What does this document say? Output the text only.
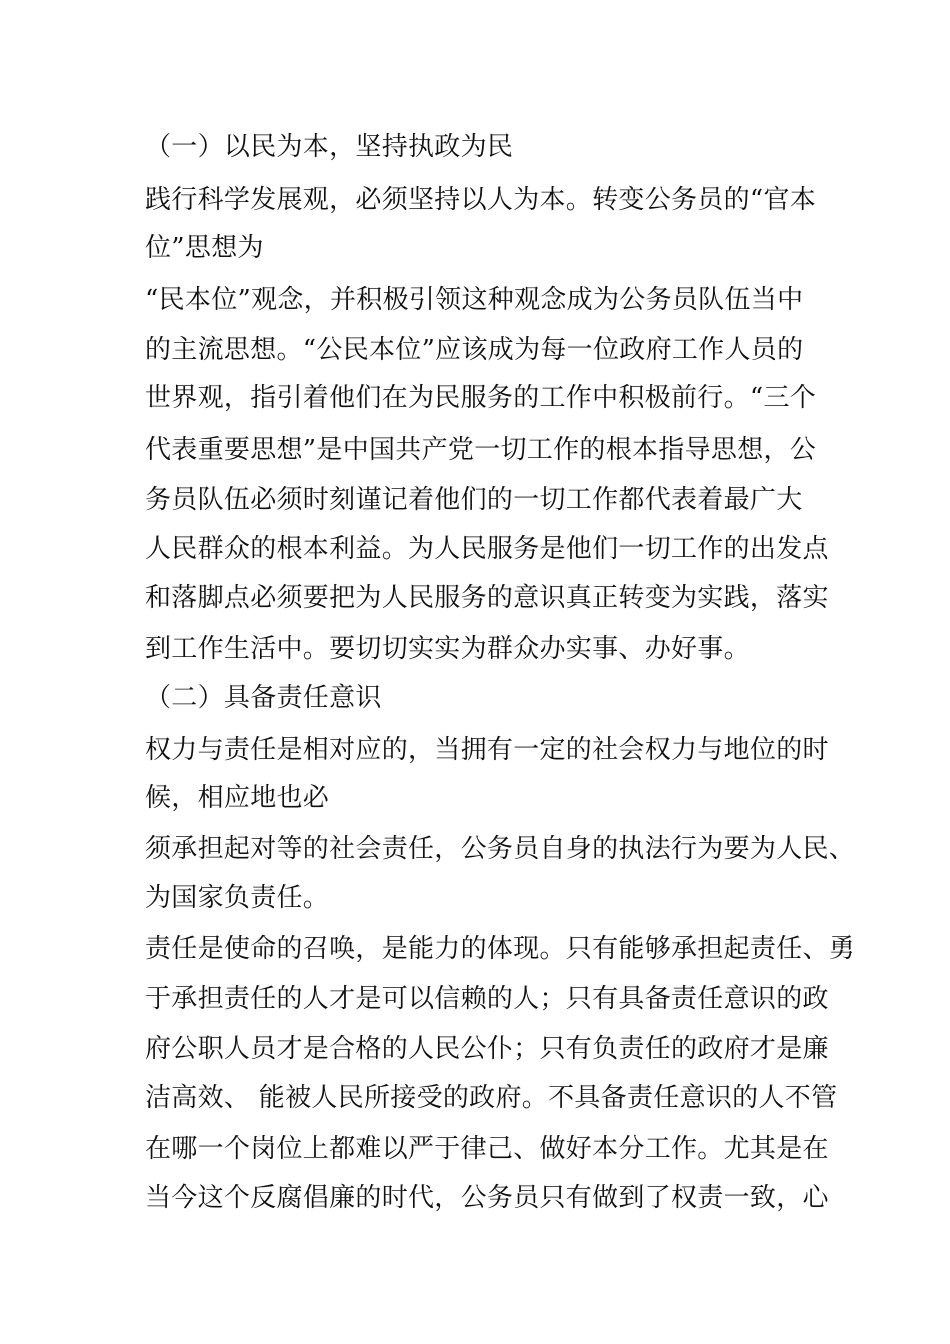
（一）以民为本，坚持执政为民
践行科学发展观，必须坚持以人为本。转变公务员的“官本
位”思想为
“民本位”观念，并积极引领这种观念成为公务员队伍当中
的主流思想。“公民本位”应该成为每一位政府工作人员的
世界观，指引着他们在为民服务的工作中积极前行。“三个
代表重要思想”是中国共产党一切工作的根本指导思想，公
务员队伍必须时刻谨记着他们的一切工作都代表着最广大
人民群众的根本利益。为人民服务是他们一切工作的出发点
和落脚点必须要把为人民服务的意识真正转变为实践，落实
到工作生活中。要切切实实为群众办实事、办好事。
（二）具备责任意识
权力与责任是相对应的，当拥有一定的社会权力与地位的时
候，相应地也必
须承担起对等的社会责任，公务员自身的执法行为要为人民、
为国家负责任。
责任是使命的召唤，是能力的体现。只有能够承担起责任、勇
于承担责任的人才是可以信赖的人；只有具备责任意识的政
府公职人员才是合格的人民公仆；只有负责任的政府才是廉
洁高效、 能被人民所接受的政府。不具备责任意识的人不管
在哪一个岗位上都难以严于律己、做好本分工作。尤其是在
当今这个反腐倡廉的时代，公务员只有做到了权责一致，心
